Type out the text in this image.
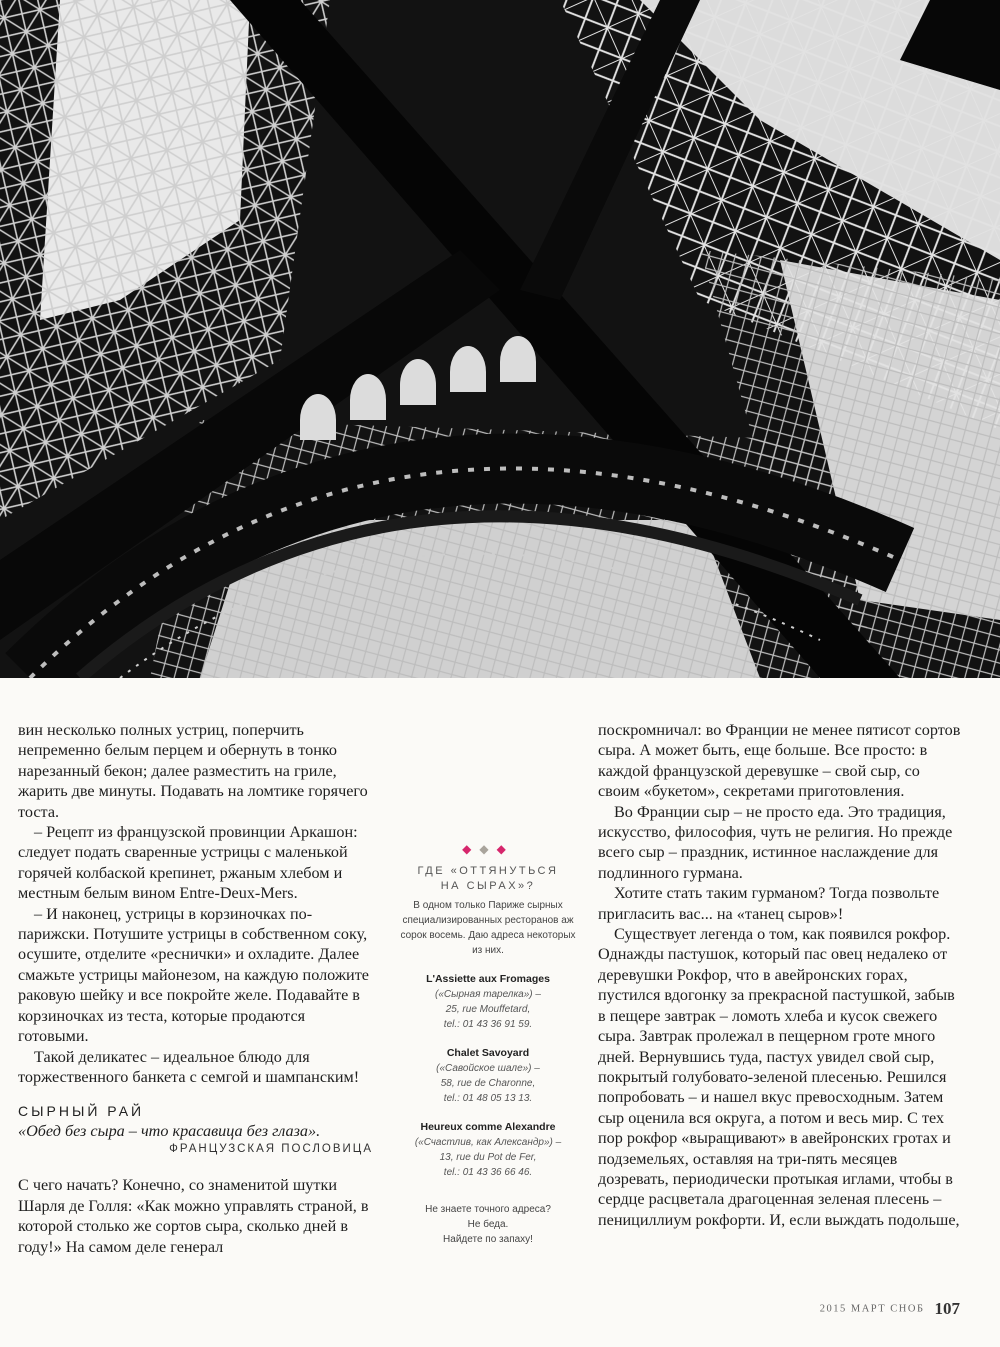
вин несколько полных устриц, поперчить непременно белым перцем и обернуть в тонко нарезанный бекон; далее разместить на гриле, жарить две минуты. Подавать на ломтике горячего тоста.

– Рецепт из французской провинции Аркашон: следует подать сваренные устрицы с маленькой горячей колбаской крепинет, ржаным хлебом и местным белым вином Entre-Deux-Mers.

– И наконец, устрицы в корзиночках по-парижски. Потушите устрицы в собственном соку, осушите, отделите «реснички» и охладите. Далее смажьте устрицы майонезом, на каждую положите раковую шейку и все покройте желе. Подавайте в корзиночках из теста, которые продаются готовыми.

Такой деликатес – идеальное блюдо для торжественного банкета с семгой и шампанским!

СЫРНЫЙ РАЙ

«Обед без сыра – что красавица без глаза».

ФРАНЦУЗСКАЯ ПОСЛОВИЦА

С чего начать? Конечно, со знаменитой шутки Шарля де Голля: «Как можно управлять страной, в которой столько же сортов сыра, сколько дней в году!» На самом деле генерал

◆◆◆
ГДЕ «ОТТЯНУТЬСЯ
НА СЫРАХ»?

В одном только Париже сырных специализированных ресторанов аж сорок восемь. Даю адреса некоторых из них.

L'Assiette aux Fromages
(«Сырная тарелка») –
25, rue Mouffetard,
tel.: 01 43 36 91 59.
Chalet Savoyard
(«Савойское шале») –
58, rue de Charonne,
tel.: 01 48 05 13 13.
Heureux comme Alexandre
(«Счастлив, как Александр») –
13, rue du Pot de Fer,
tel.: 01 43 36 66 46.
Не знаете точного адреса?
Не беда.
Найдете по запаху!

поскромничал: во Франции не менее пятисот сортов сыра. А может быть, еще больше. Все просто: в каждой французской деревушке – свой сыр, со своим «букетом», секретами приготовления.

Во Франции сыр – не просто еда. Это традиция, искусство, философия, чуть не религия. Но прежде всего сыр – праздник, истинное наслаждение для подлинного гурмана.

Хотите стать таким гурманом? Тогда позвольте пригласить вас... на «танец сыров»!

Существует легенда о том, как появился рокфор. Однажды пастушок, который пас овец недалеко от деревушки Рокфор, что в авейронских горах, пустился вдогонку за прекрасной пастушкой, забыв в пещере завтрак – ломоть хлеба и кусок свежего сыра. Завтрак пролежал в пещерном гроте много дней. Вернувшись туда, пастух увидел свой сыр, покрытый голубовато-зеленой плесенью. Решился попробовать – и нашел вкус превосходным. Затем сыр оценила вся округа, а потом и весь мир. С тех пор рокфор «выращивают» в авейронских гротах и подземельях, оставляя на три-пять месяцев дозревать, периодически протыкая иглами, чтобы в сердце расцветала драгоценная зеленая плесень – пенициллиум рокфорти. И, если выждать подольше,

2015 МАРТ СНОБ 107
